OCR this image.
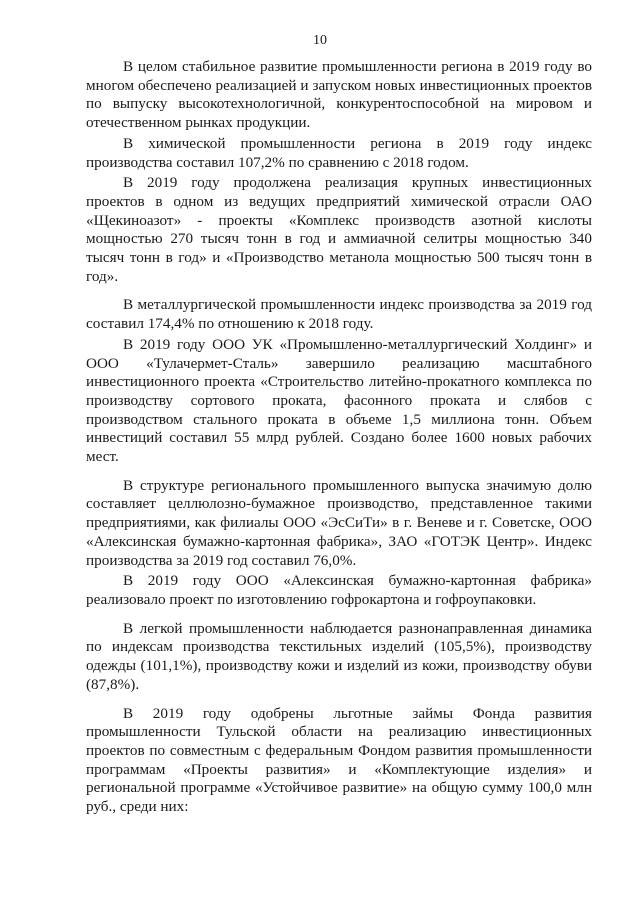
10

В целом стабильное развитие промышленности региона в 2019 году во многом обеспечено реализацией и запуском новых инвестиционных проектов по выпуску высокотехнологичной, конкурентоспособной на мировом и отечественном рынках продукции.

В химической промышленности региона в 2019 году индекс производства составил 107,2% по сравнению с 2018 годом.

В 2019 году продолжена реализация крупных инвестиционных проектов в одном из ведущих предприятий химической отрасли ОАО «Щекиноазот» - проекты «Комплекс производств азотной кислоты мощностью 270 тысяч тонн в год и аммиачной селитры мощностью 340 тысяч тонн в год» и «Производство метанола мощностью 500 тысяч тонн в год».

В металлургической промышленности индекс производства за 2019 год составил 174,4% по отношению к 2018 году.

В 2019 году ООО УК «Промышленно-металлургический Холдинг» и ООО «Тулачермет-Сталь» завершило реализацию масштабного инвестиционного проекта «Строительство литейно-прокатного комплекса по производству сортового проката, фасонного проката и слябов с производством стального проката в объеме 1,5 миллиона тонн. Объем инвестиций составил 55 млрд рублей. Создано более 1600 новых рабочих мест.

В структуре регионального промышленного выпуска значимую долю составляет целлюлозно-бумажное производство, представленное такими предприятиями, как филиалы ООО «ЭсСиТи» в г. Веневе и г. Советске, ООО «Алексинская бумажно-картонная фабрика», ЗАО «ГОТЭК Центр». Индекс производства за 2019 год составил 76,0%.

В 2019 году ООО «Алексинская бумажно-картонная фабрика» реализовало проект по изготовлению гофрокартона и гофроупаковки.

В легкой промышленности наблюдается разнонаправленная динамика по индексам производства текстильных изделий (105,5%), производству одежды (101,1%), производству кожи и изделий из кожи, производству обуви (87,8%).

В 2019 году одобрены льготные займы Фонда развития промышленности Тульской области на реализацию инвестиционных проектов по совместным с федеральным Фондом развития промышленности программам «Проекты развития» и «Комплектующие изделия» и региональной программе «Устойчивое развитие» на общую сумму 100,0 млн руб., среди них:
